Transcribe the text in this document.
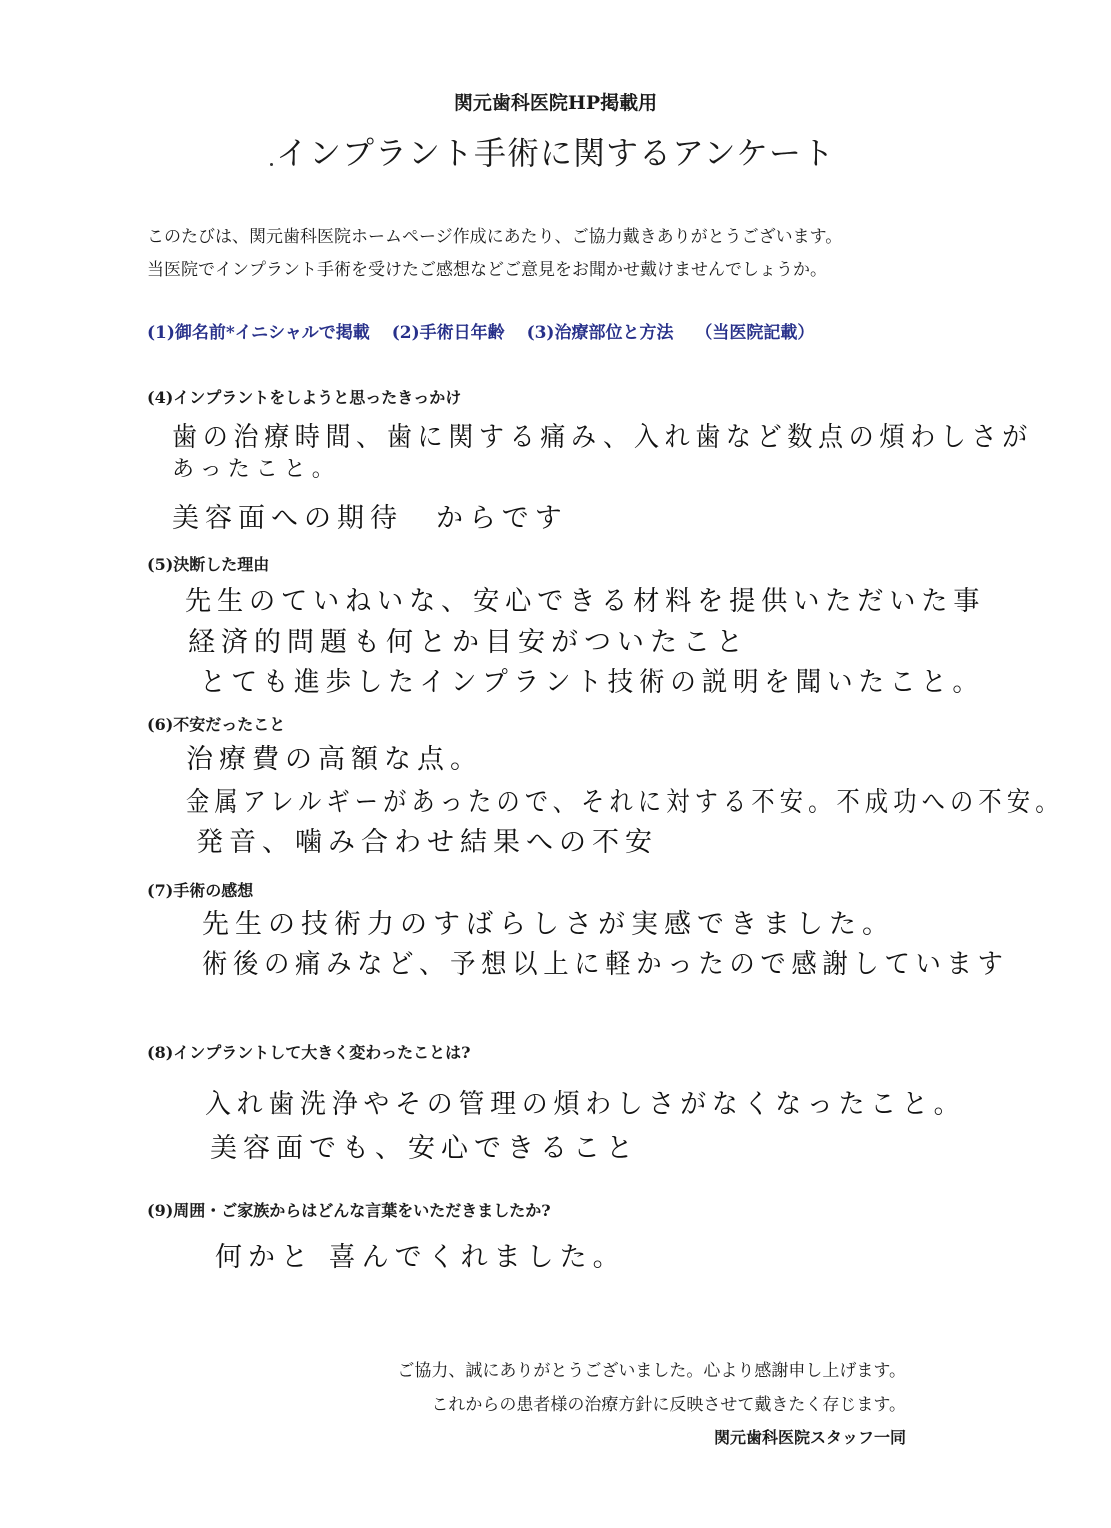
関元歯科医院HP掲載用
インプラント手術に関するアンケート
このたびは、関元歯科医院ホームページ作成にあたり、ご協力戴きありがとうございます。
当医院でインプラント手術を受けたご感想などご意見をお聞かせ戴けませんでしょうか。
(1)御名前*イニシャルで掲載 (2)手術日年齢 (3)治療部位と方法 （当医院記載）
(4)インプラントをしようと思ったきっかけ
歯の治療時間、歯に関する痛み、入れ歯など数点の煩わしさが
あったこと。
美容面への期待　からです
(5)決断した理由
先生のていねいな、安心できる材料を提供いただいた事
経済的問題も何とか目安がついたこと
とても進歩したインプラント技術の説明を聞いたこと。
(6)不安だったこと
治療費の高額な点。
金属アレルギーがあったので、それに対する不安。不成功への不安。
発音、噛み合わせ結果への不安
(7)手術の感想
先生の技術力のすばらしさが実感できました。
術後の痛みなど、予想以上に軽かったので感謝しています
(8)インプラントして大きく変わったことは?
入れ歯洗浄やその管理の煩わしさがなくなったこと。
美容面でも、安心できること
(9)周囲・ご家族からはどんな言葉をいただきましたか?
何かと 喜んでくれました。
ご協力、誠にありがとうございました。心より感謝申し上げます。
これからの患者様の治療方針に反映させて戴きたく存じます。
関元歯科医院スタッフ一同
